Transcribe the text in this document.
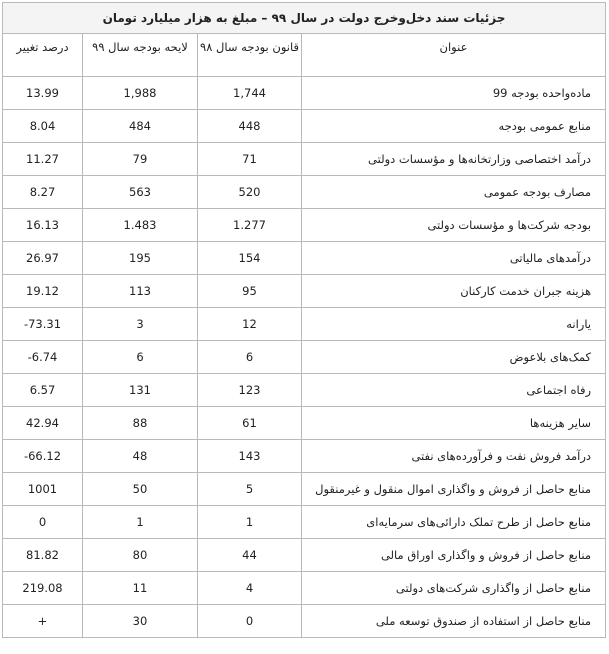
جزئیات سند دخل‌وخرج دولت در سال ۹۹ – مبلغ به هزار میلیارد تومان			
درصد تغییر	لایحه بودجه سال ۹۹	قانون بودجه سال ۹۸	عنوان
13.99	1,988	1,744	ماده‌واحده بودجه 99
8.04	484	448	منابع عمومی بودجه
11.27	79	71	درآمد اختصاصی وزارتخانه‌ها و مؤسسات دولتی
8.27	563	520	مصارف بودجه عمومی
16.13	1.483	1.277	بودجه شرکت‌ها و مؤسسات دولتی
26.97	195	154	درآمدهای مالیاتی
19.12	113	95	هزینه جبران خدمت کارکنان
-73.31	3	12	یارانه
-6.74	6	6	کمک‌های بلاعوض
6.57	131	123	رفاه اجتماعی
42.94	88	61	سایر هزینه‌ها
-66.12	48	143	درآمد فروش نفت و فرآورده‌های نفتی
1001	50	5	منابع حاصل از فروش و واگذاری اموال منقول و غیرمنقول
0	1	1	منابع حاصل از طرح تملک دارائی‌های سرمایه‌ای
81.82	80	44	منابع حاصل از فروش و واگذاری اوراق مالی
219.08	11	4	منابع حاصل از واگذاری شرکت‌های دولتی
+	30	0	منابع حاصل از استفاده از صندوق توسعه ملی
